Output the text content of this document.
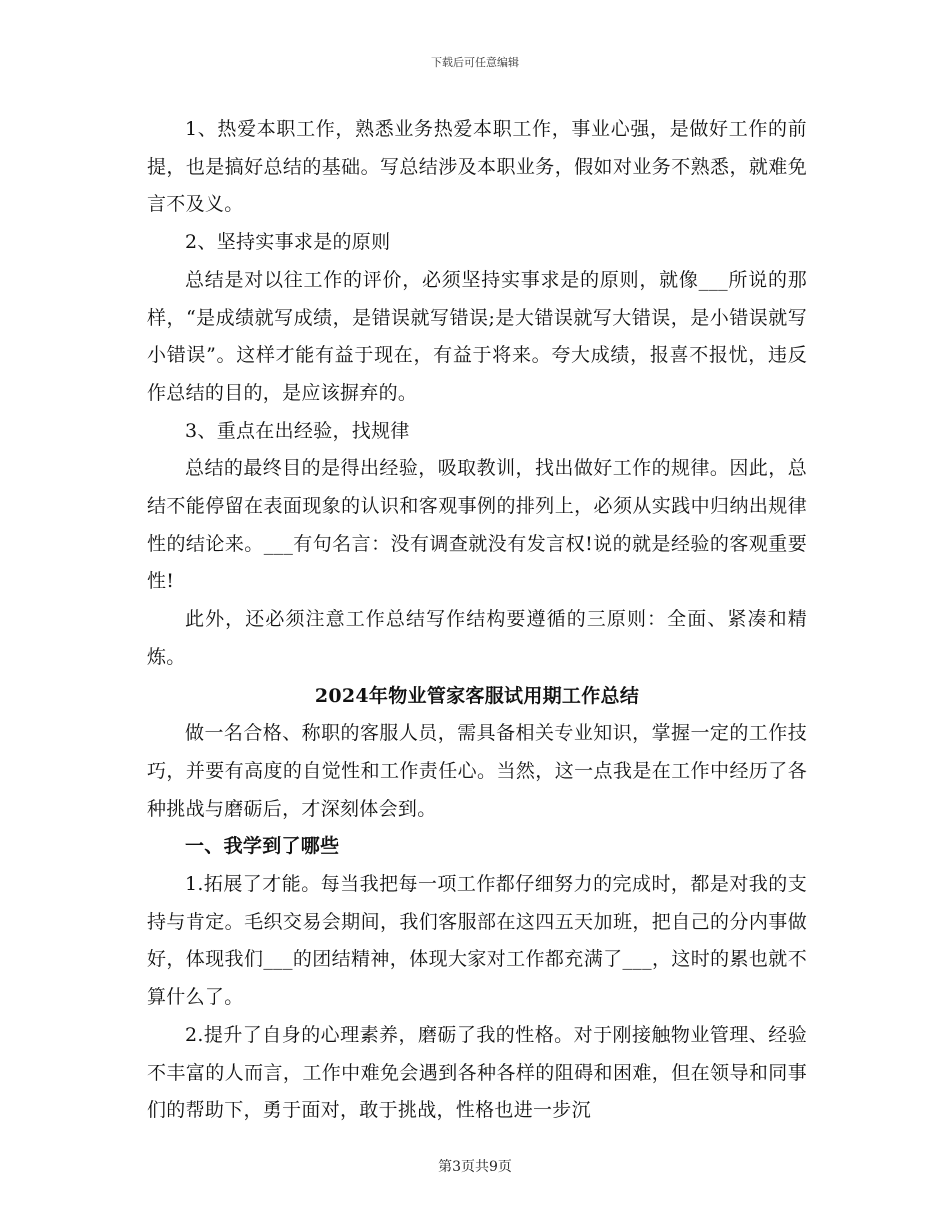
下载后可任意编辑

1、热爱本职工作，熟悉业务热爱本职工作，事业心强，是做好工作的前提，也是搞好总结的基础。写总结涉及本职业务，假如对业务不熟悉，就难免言不及义。

2、坚持实事求是的原则

总结是对以往工作的评价，必须坚持实事求是的原则，就像___所说的那样，“是成绩就写成绩，是错误就写错误;是大错误就写大错误，是小错误就写小错误”。这样才能有益于现在，有益于将来。夸大成绩，报喜不报忧，违反作总结的目的，是应该摒弃的。

3、重点在出经验，找规律

总结的最终目的是得出经验，吸取教训，找出做好工作的规律。因此，总结不能停留在表面现象的认识和客观事例的排列上，必须从实践中归纳出规律性的结论来。___有句名言：没有调查就没有发言权!说的就是经验的客观重要性!

此外，还必须注意工作总结写作结构要遵循的三原则：全面、紧凑和精炼。

2024年物业管家客服试用期工作总结

做一名合格、称职的客服人员，需具备相关专业知识，掌握一定的工作技巧，并要有高度的自觉性和工作责任心。当然，这一点我是在工作中经历了各种挑战与磨砺后，才深刻体会到。

一、我学到了哪些

1.拓展了才能。每当我把每一项工作都仔细努力的完成时，都是对我的支持与肯定。毛织交易会期间，我们客服部在这四五天加班，把自己的分内事做好，体现我们___的团结精神，体现大家对工作都充满了___，这时的累也就不算什么了。

2.提升了自身的心理素养，磨砺了我的性格。对于刚接触物业管理、经验不丰富的人而言，工作中难免会遇到各种各样的阻碍和困难，但在领导和同事们的帮助下，勇于面对，敢于挑战，性格也进一步沉

第3页共9页
